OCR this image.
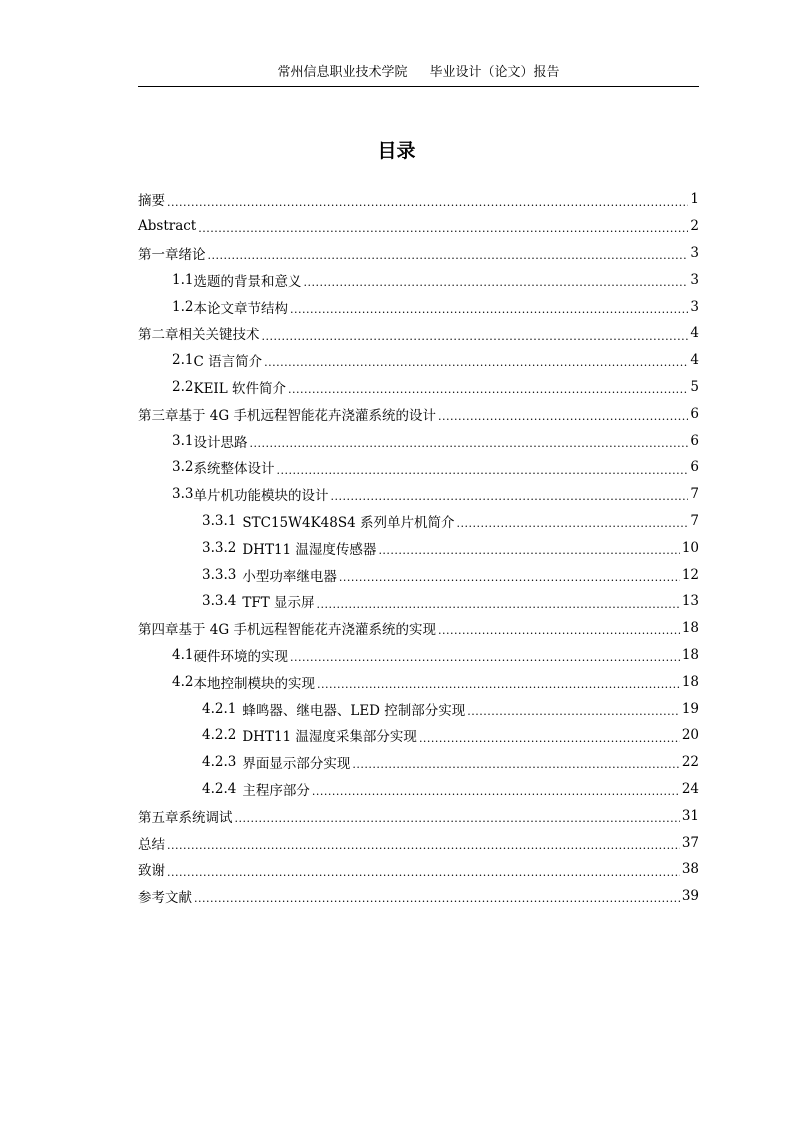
常州信息职业技术学院 毕业设计（论文）报告
目录
摘要 .....	1
Abstract .....	2
第一章 绪论 .....	3
1.1 选题的背景和意义 .....	3
1.2 本论文章节结构 .....	3
第二章 相关关键技术 .....	4
2.1 C 语言简介 .....	4
2.2 KEIL 软件简介 .....	5
第三章 基于 4G 手机远程智能花卉浇灌系统的设计 .....	6
3.1 设计思路 .....	6
3.2 系统整体设计 .....	6
3.3 单片机功能模块的设计 .....	7
3.3.1 STC15W4K48S4 系列单片机简介 .....	7
3.3.2 DHT11 温湿度传感器 .....	10
3.3.3 小型功率继电器 .....	12
3.3.4 TFT 显示屏 .....	13
第四章 基于 4G 手机远程智能花卉浇灌系统的实现 .....	18
4.1 硬件环境的实现 .....	18
4.2 本地控制模块的实现 .....	18
4.2.1 蜂鸣器、继电器、LED 控制部分实现 .....	19
4.2.2 DHT11 温湿度采集部分实现 .....	20
4.2.3 界面显示部分实现 .....	22
4.2.4 主程序部分 .....	24
第五章 系统调试 .....	31
总结 .....	37
致谢 .....	38
参考文献 .....	39
